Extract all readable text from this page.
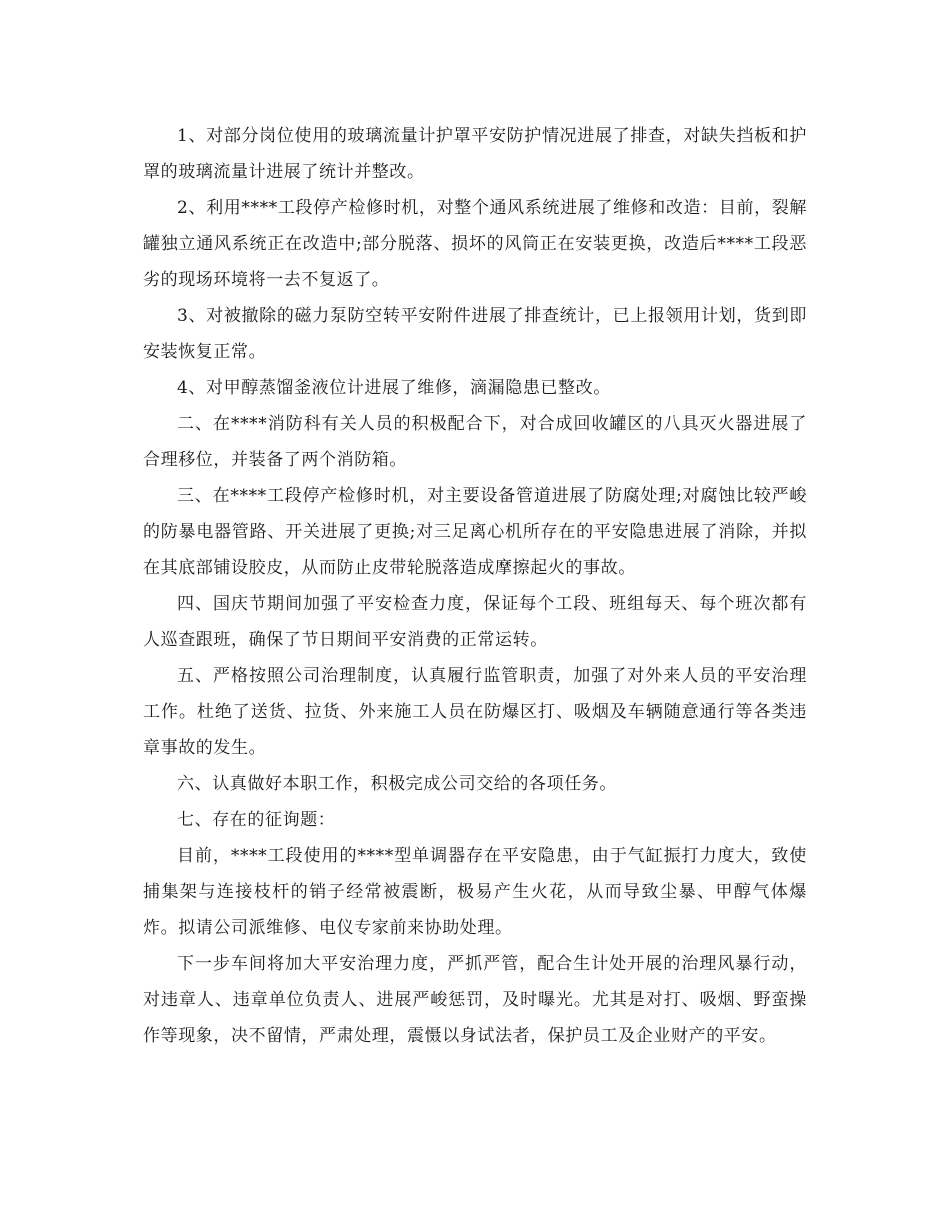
1、对部分岗位使用的玻璃流量计护罩平安防护情况进展了排查，对缺失挡板和护罩的玻璃流量计进展了统计并整改。

2、利用****工段停产检修时机，对整个通风系统进展了维修和改造：目前，裂解罐独立通风系统正在改造中;部分脱落、损坏的风筒正在安装更换，改造后****工段恶劣的现场环境将一去不复返了。

3、对被撤除的磁力泵防空转平安附件进展了排查统计，已上报领用计划，货到即安装恢复正常。

4、对甲醇蒸馏釜液位计进展了维修，滴漏隐患已整改。

二、在****消防科有关人员的积极配合下，对合成回收罐区的八具灭火器进展了合理移位，并装备了两个消防箱。

三、在****工段停产检修时机，对主要设备管道进展了防腐处理;对腐蚀比较严峻的防暴电器管路、开关进展了更换;对三足离心机所存在的平安隐患进展了消除，并拟在其底部铺设胶皮，从而防止皮带轮脱落造成摩擦起火的事故。

四、国庆节期间加强了平安检查力度，保证每个工段、班组每天、每个班次都有人巡查跟班，确保了节日期间平安消费的正常运转。

五、严格按照公司治理制度，认真履行监管职责，加强了对外来人员的平安治理工作。杜绝了送货、拉货、外来施工人员在防爆区打、吸烟及车辆随意通行等各类违章事故的发生。

六、认真做好本职工作，积极完成公司交给的各项任务。

七、存在的征询题：

目前，****工段使用的****型单调器存在平安隐患，由于气缸振打力度大，致使捕集架与连接枝杆的销子经常被震断，极易产生火花，从而导致尘暴、甲醇气体爆炸。拟请公司派维修、电仪专家前来协助处理。

下一步车间将加大平安治理力度，严抓严管，配合生计处开展的治理风暴行动，对违章人、违章单位负责人、进展严峻惩罚，及时曝光。尤其是对打、吸烟、野蛮操作等现象，决不留情，严肃处理，震慑以身试法者，保护员工及企业财产的平安。
